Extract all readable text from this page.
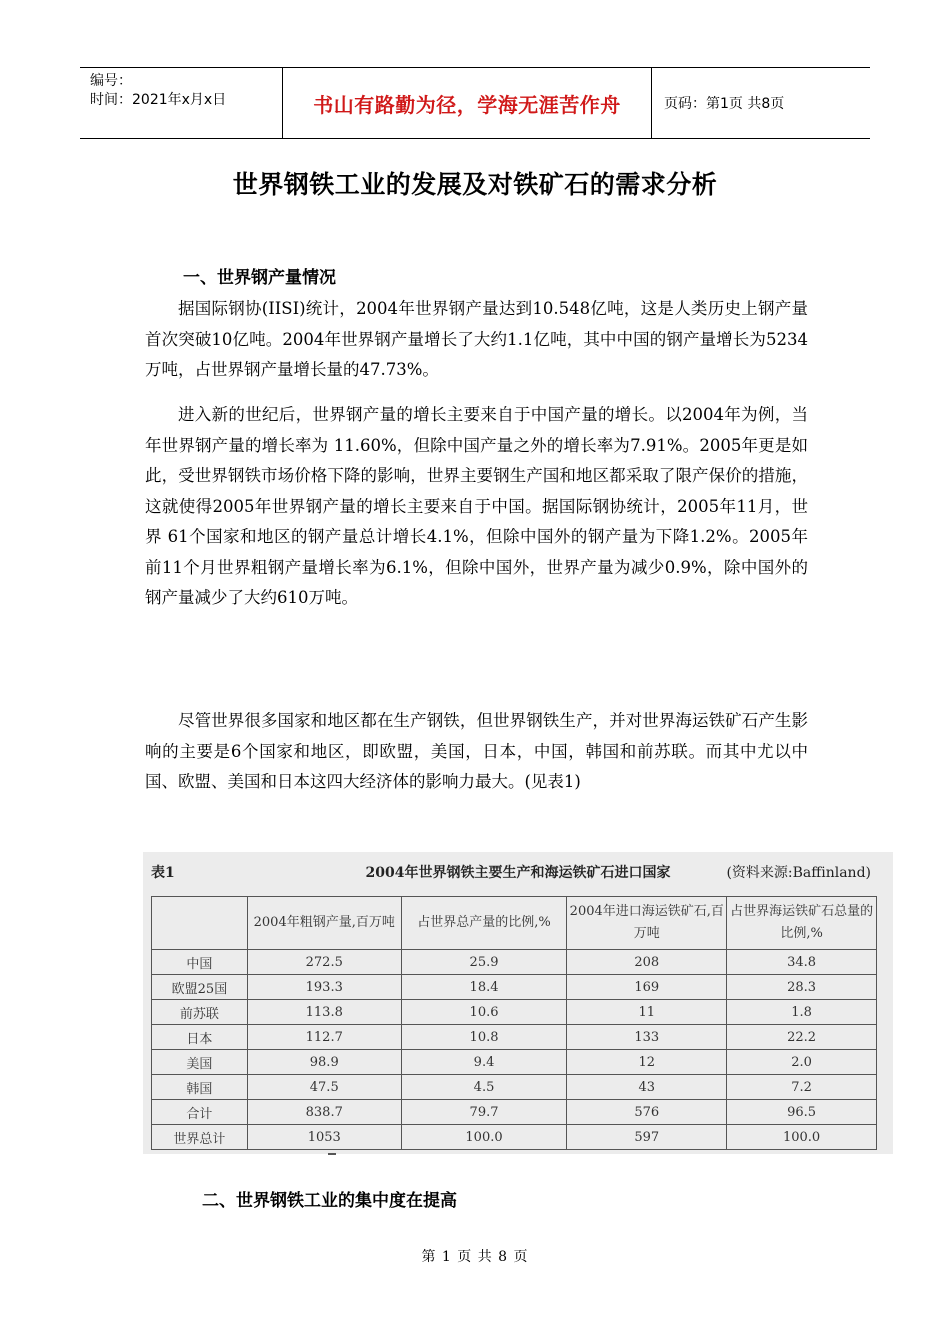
编号：
时间：2021年x月x日	书山有路勤为径，学海无涯苦作舟	页码：第1页 共8页
世界钢铁工业的发展及对铁矿石的需求分析
一、世界钢产量情况

据国际钢协(IISI)统计，2004年世界钢产量达到10.548亿吨，这是人类历史上钢产量首次突破10亿吨。2004年世界钢产量增长了大约1.1亿吨，其中中国的钢产量增长为5234万吨，占世界钢产量增长量的47.73%。

进入新的世纪后，世界钢产量的增长主要来自于中国产量的增长。以2004年为例，当年世界钢产量的增长率为 11.60%，但除中国产量之外的增长率为7.91%。2005年更是如此，受世界钢铁市场价格下降的影响，世界主要钢生产国和地区都采取了限产保价的措施，这就使得2005年世界钢产量的增长主要来自于中国。据国际钢协统计，2005年11月，世界 61个国家和地区的钢产量总计增长4.1%，但除中国外的钢产量为下降1.2%。2005年前11个月世界粗钢产量增长率为6.1%，但除中国外，世界产量为减少0.9%，除中国外的钢产量减少了大约610万吨。

尽管世界很多国家和地区都在生产钢铁，但世界钢铁生产，并对世界海运铁矿石产生影响的主要是6个国家和地区，即欧盟，美国，日本，中国，韩国和前苏联。而其中尤以中国、欧盟、美国和日本这四大经济体的影响力最大。(见表1)

2004年世界钢铁主要生产和海运铁矿石进口国家
表1	(资料来源:Baffinland)
	2004年粗钢产量,百万吨	占世界总产量的比例,%	2004年进口海运铁矿石,百万吨	占世界海运铁矿石总量的比例,%
中国	272.5	25.9	208	34.8
欧盟25国	193.3	18.4	169	28.3
前苏联	113.8	10.6	11	1.8
日本	112.7	10.8	133	22.2
美国	98.9	9.4	12	2.0
韩国	47.5	4.5	43	7.2
合计	838.7	79.7	576	96.5
世界总计	1053	100.0	597	100.0
二、世界钢铁工业的集中度在提高
第 1 页 共 8 页
